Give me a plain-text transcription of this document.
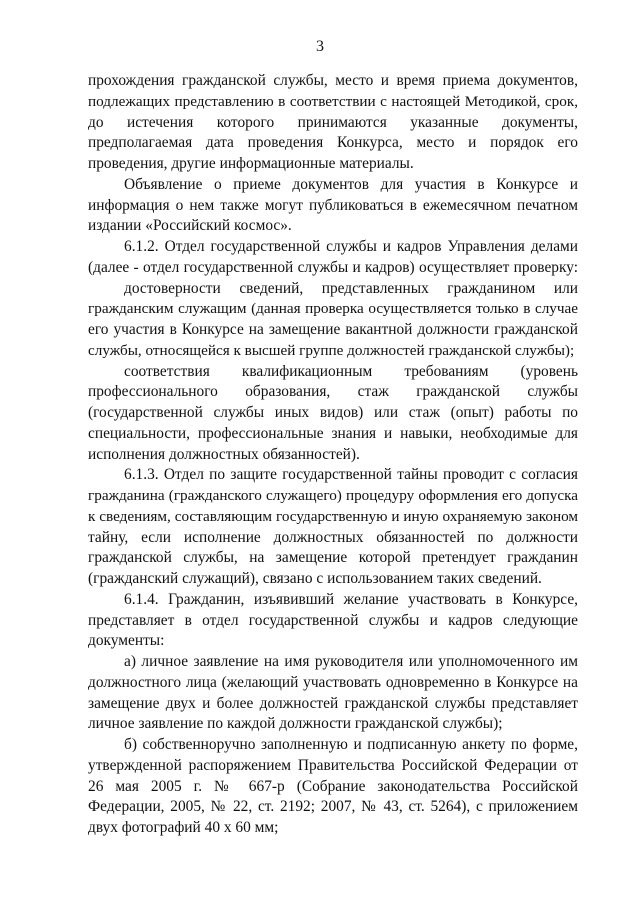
3
прохождения гражданской службы, место и время приема документов,
подлежащих представлению в соответствии с настоящей Методикой, срок,
до истечения которого принимаются указанные документы,
предполагаемая дата проведения Конкурса, место и порядок его
проведения, другие информационные материалы.
Объявление о приеме документов для участия в Конкурсе и
информация о нем также могут публиковаться в ежемесячном печатном
издании «Российский космос».
6.1.2. Отдел государственной службы и кадров Управления делами
(далее - отдел государственной службы и кадров) осуществляет проверку:
достоверности сведений, представленных гражданином или
гражданским служащим (данная проверка осуществляется только в случае
его участия в Конкурсе на замещение вакантной должности гражданской
службы, относящейся к высшей группе должностей гражданской службы);
соответствия квалификационным требованиям (уровень
профессионального образования, стаж гражданской службы
(государственной службы иных видов) или стаж (опыт) работы по
специальности, профессиональные знания и навыки, необходимые для
исполнения должностных обязанностей).
6.1.3. Отдел по защите государственной тайны проводит с согласия
гражданина (гражданского служащего) процедуру оформления его допуска
к сведениям, составляющим государственную и иную охраняемую законом
тайну, если исполнение должностных обязанностей по должности
гражданской службы, на замещение которой претендует гражданин
(гражданский служащий), связано с использованием таких сведений.
6.1.4. Гражданин, изъявивший желание участвовать в Конкурсе,
представляет в отдел государственной службы и кадров следующие
документы:
а) личное заявление на имя руководителя или уполномоченного им
должностного лица (желающий участвовать одновременно в Конкурсе на
замещение двух и более должностей гражданской службы представляет
личное заявление по каждой должности гражданской службы);
б) собственноручно заполненную и подписанную анкету по форме,
утвержденной распоряжением Правительства Российской Федерации от
26 мая 2005 г. № 667-р (Собрание законодательства Российской
Федерации, 2005, № 22, ст. 2192; 2007, № 43, ст. 5264), с приложением
двух фотографий 40 х 60 мм;
